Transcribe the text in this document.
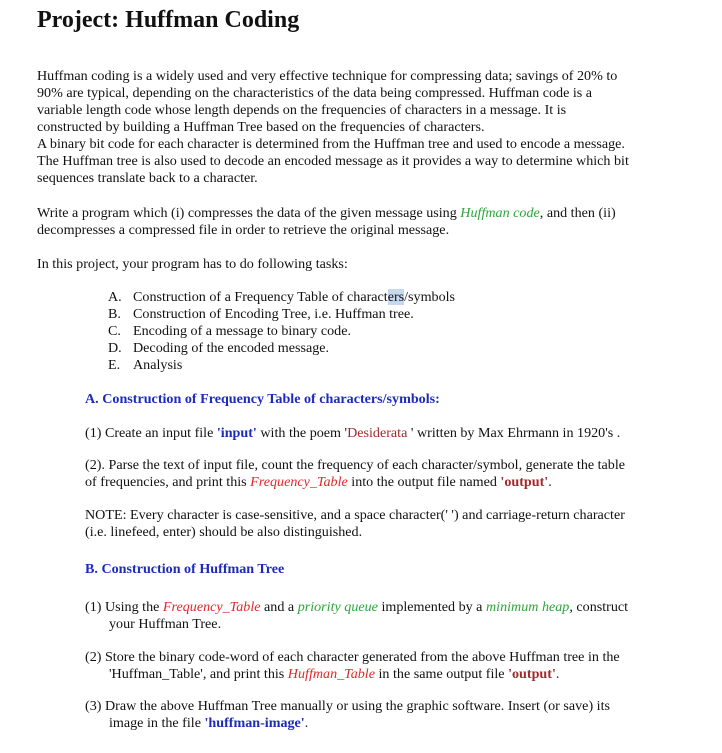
Project: Huffman Coding
Huffman coding is a widely used and very effective technique for compressing data; savings of 20% to
90% are typical, depending on the characteristics of the data being compressed. Huffman code is a
variable length code whose length depends on the frequencies of characters in a message. It is
constructed by building a Huffman Tree based on the frequencies of characters.
A binary bit code for each character is determined from the Huffman tree and used to encode a message.
The Huffman tree is also used to decode an encoded message as it provides a way to determine which bit
sequences translate back to a character.
Write a program which (i) compresses the data of the given message using Huffman code, and then (ii)
decompresses a compressed file in order to retrieve the original message.
In this project, your program has to do following tasks:
A. Construction of a Frequency Table of characters/symbols
B. Construction of Encoding Tree, i.e. Huffman tree.
C. Encoding of a message to binary code.
D. Decoding of the encoded message.
E. Analysis
A. Construction of Frequency Table of characters/symbols:
(1) Create an input file 'input' with the poem 'Desiderata ' written by Max Ehrmann in 1920's .
(2). Parse the text of input file, count the frequency of each character/symbol, generate the table
of frequencies, and print this Frequency_Table into the output file named 'output'.
NOTE: Every character is case-sensitive, and a space character(' ') and carriage-return character
(i.e. linefeed, enter) should be also distinguished.
B. Construction of Huffman Tree
(1) Using the Frequency_Table and a priority queue implemented by a minimum heap, construct
your Huffman Tree.
(2) Store the binary code-word of each character generated from the above Huffman tree in the
'Huffman_Table', and print this Huffman_Table in the same output file 'output'.
(3) Draw the above Huffman Tree manually or using the graphic software. Insert (or save) its
image in the file 'huffman-image'.
